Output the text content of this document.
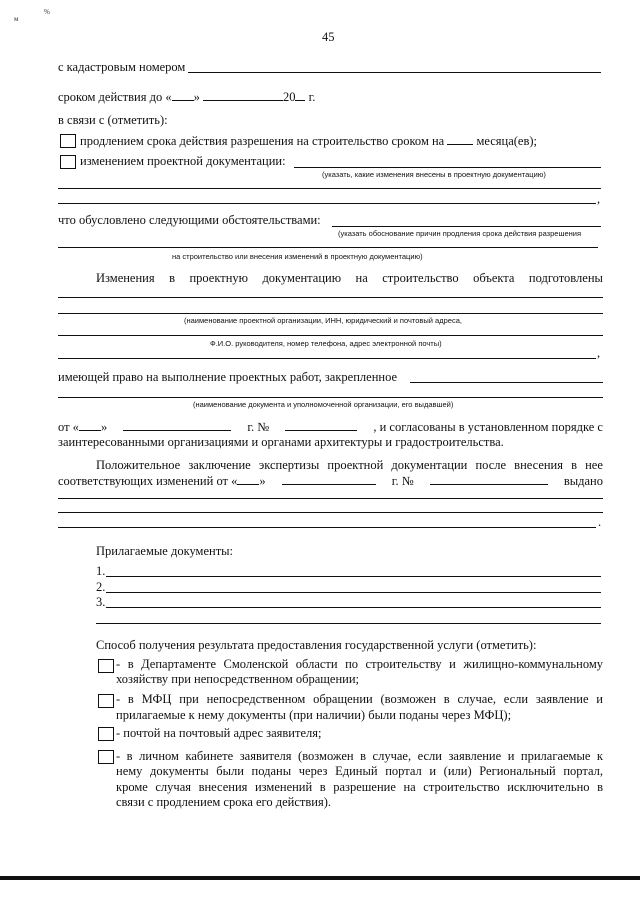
м
%
45
с кадастровым номером
сроком действия до « »	20 г.
в связи с (отметить):
продлением срока действия разрешения на строительство сроком на	месяца(ев);
изменением проектной документации:
(указать, какие изменения внесены в проектную документацию)
,
что обусловлено следующими обстоятельствами:
(указать обоснование причин продления срока действия разрешения
на строительство или внесения изменений в проектную документацию)
Изменения в проектную документацию на строительство объекта подготовлены
(наименование проектной организации, ИНН, юридический и почтовый адреса,
Ф.И.О. руководителя, номер телефона, адрес электронной почты)
,
имеющей право на выполнение проектных работ, закрепленное
(наименование документа и уполномоченной организации, его выдавшей)
от « »	г. №	, и согласованы в установленном порядке с
заинтересованными организациями и органами архитектуры и градостроительства.
Положительное заключение экспертизы проектной документации после внесения в нее
соответствующих изменений от « »	г. №	выдано
.
Прилагаемые документы:
1.
2.
3.
Способ получения результата предоставления государственной услуги (отметить):
- в Департаменте Смоленской области по строительству и жилищно-коммунальному
хозяйству при непосредственном обращении;
- в МФЦ при непосредственном обращении (возможен в случае, если заявление и
прилагаемые к нему документы (при наличии) были поданы через МФЦ);
- почтой на почтовый адрес заявителя;
- в личном кабинете заявителя (возможен в случае, если заявление и прилагаемые к
нему документы были поданы через Единый портал и (или) Региональный портал,
кроме случая внесения изменений в разрешение на строительство исключительно в
связи с продлением срока его действия).
